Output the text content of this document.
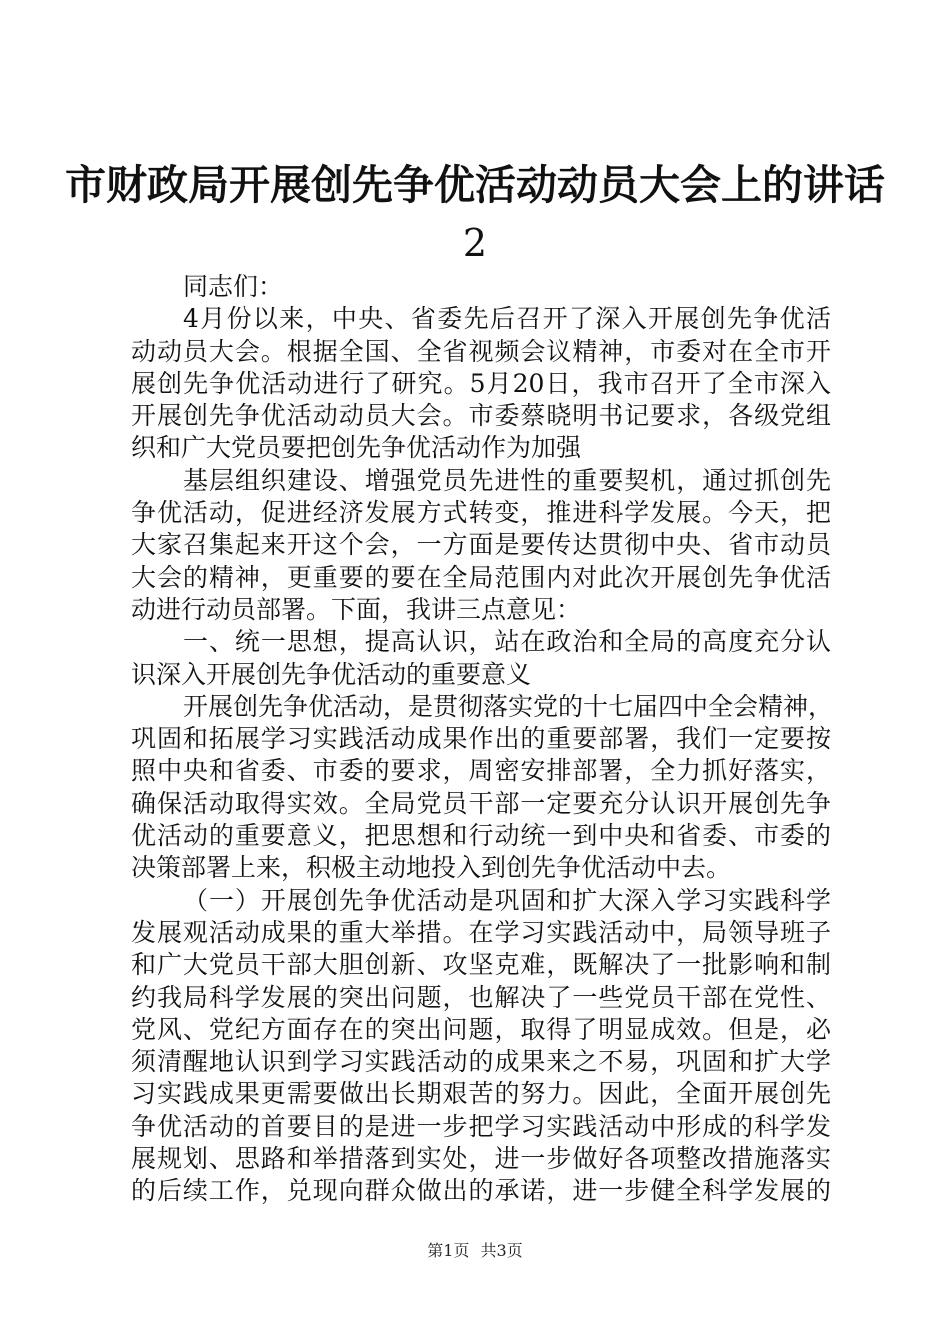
市财政局开展创先争优活动动员大会上的讲话
2
同志们：
4月份以来，中央、省委先后召开了深入开展创先争优活
动动员大会。根据全国、全省视频会议精神，市委对在全市开
展创先争优活动进行了研究。5月20日，我市召开了全市深入
开展创先争优活动动员大会。市委蔡晓明书记要求，各级党组
织和广大党员要把创先争优活动作为加强
基层组织建设、增强党员先进性的重要契机，通过抓创先
争优活动，促进经济发展方式转变，推进科学发展。今天，把
大家召集起来开这个会，一方面是要传达贯彻中央、省市动员
大会的精神，更重要的要在全局范围内对此次开展创先争优活
动进行动员部署。下面，我讲三点意见：
一、统一思想，提高认识，站在政治和全局的高度充分认
识深入开展创先争优活动的重要意义
开展创先争优活动，是贯彻落实党的十七届四中全会精神，
巩固和拓展学习实践活动成果作出的重要部署，我们一定要按
照中央和省委、市委的要求，周密安排部署，全力抓好落实，
确保活动取得实效。全局党员干部一定要充分认识开展创先争
优活动的重要意义，把思想和行动统一到中央和省委、市委的
决策部署上来，积极主动地投入到创先争优活动中去。
（一）开展创先争优活动是巩固和扩大深入学习实践科学
发展观活动成果的重大举措。在学习实践活动中，局领导班子
和广大党员干部大胆创新、攻坚克难，既解决了一批影响和制
约我局科学发展的突出问题，也解决了一些党员干部在党性、
党风、党纪方面存在的突出问题，取得了明显成效。但是，必
须清醒地认识到学习实践活动的成果来之不易，巩固和扩大学
习实践成果更需要做出长期艰苦的努力。因此，全面开展创先
争优活动的首要目的是进一步把学习实践活动中形成的科学发
展规划、思路和举措落到实处，进一步做好各项整改措施落实
的后续工作，兑现向群众做出的承诺，进一步健全科学发展的
第1页 共3页
